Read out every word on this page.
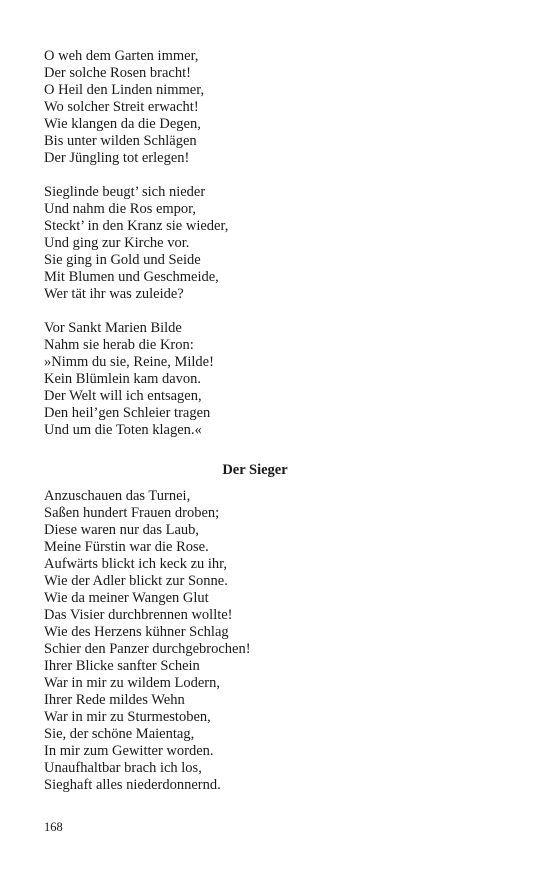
O weh dem Garten immer,
Der solche Rosen bracht!
O Heil den Linden nimmer,
Wo solcher Streit erwacht!
Wie klangen da die Degen,
Bis unter wilden Schlägen
Der Jüngling tot erlegen!
Sieglinde beugt’ sich nieder
Und nahm die Ros empor,
Steckt’ in den Kranz sie wieder,
Und ging zur Kirche vor.
Sie ging in Gold und Seide
Mit Blumen und Geschmeide,
Wer tät ihr was zuleide?
Vor Sankt Marien Bilde
Nahm sie herab die Kron:
»Nimm du sie, Reine, Milde!
Kein Blümlein kam davon.
Der Welt will ich entsagen,
Den heil’gen Schleier tragen
Und um die Toten klagen.«
Der Sieger
Anzuschauen das Turnei,
Saßen hundert Frauen droben;
Diese waren nur das Laub,
Meine Fürstin war die Rose.
Aufwärts blickt ich keck zu ihr,
Wie der Adler blickt zur Sonne.
Wie da meiner Wangen Glut
Das Visier durchbrennen wollte!
Wie des Herzens kühner Schlag
Schier den Panzer durchgebrochen!
Ihrer Blicke sanfter Schein
War in mir zu wildem Lodern,
Ihrer Rede mildes Wehn
War in mir zu Sturmestoben,
Sie, der schöne Maientag,
In mir zum Gewitter worden.
Unaufhaltbar brach ich los,
Sieghaft alles niederdonnernd.
168
